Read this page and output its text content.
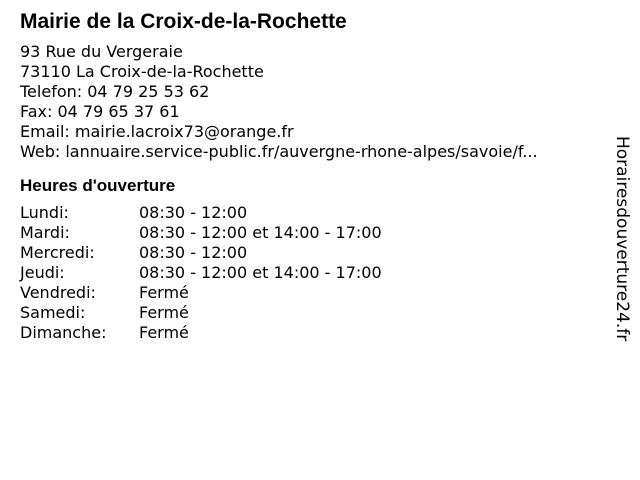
Mairie de la Croix-de-la-Rochette
93 Rue du Vergeraie
73110 La Croix-de-la-Rochette
Telefon: 04 79 25 53 62
Fax: 04 79 65 37 61
Email: mairie.lacroix73@orange.fr
Web: lannuaire.service-public.fr/auvergne-rhone-alpes/savoie/f...
Heures d'ouverture
Lundi:	08:30 - 12:00
Mardi:	08:30 - 12:00 et 14:00 - 17:00
Mercredi:	08:30 - 12:00
Jeudi:	08:30 - 12:00 et 14:00 - 17:00
Vendredi:	Fermé
Samedi:	Fermé
Dimanche:	Fermé	Horairesdouverture24.fr
